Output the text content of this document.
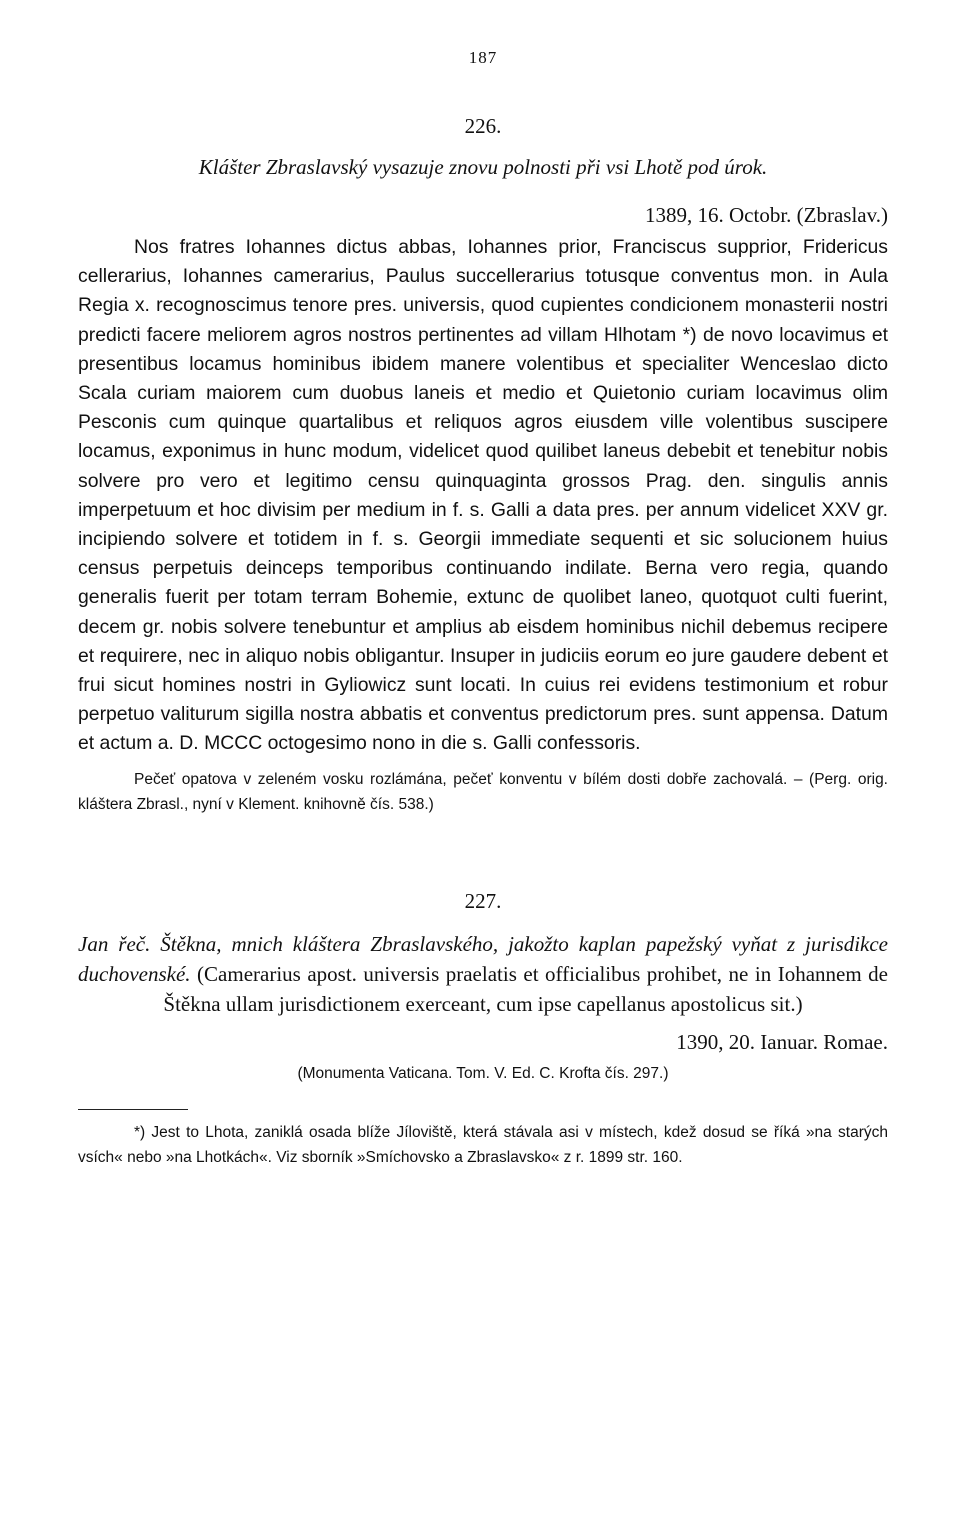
187
226.
Klášter Zbraslavský vysazuje znovu polnosti při vsi Lhotě pod úrok.
1389, 16. Octobr. (Zbraslav.)

Nos fratres Iohannes dictus abbas, Iohannes prior, Franciscus supprior, Fridericus cellerarius, Iohannes camerarius, Paulus succellerarius totusque conventus mon. in Aula Regia x. recognoscimus tenore pres. universis, quod cupientes condicionem monasterii nostri predicti facere meliorem agros nostros pertinentes ad villam Hlhotam *) de novo locavimus et presentibus locamus hominibus ibidem manere volentibus et specialiter Wenceslao dicto Scala curiam maiorem cum duobus laneis et medio et Quietonio curiam locavimus olim Pesconis cum quinque quartalibus et reliquos agros eiusdem ville volentibus suscipere locamus, exponimus in hunc modum, videlicet quod quilibet laneus debebit et tenebitur nobis solvere pro vero et legitimo censu quinquaginta grossos Prag. den. singulis annis imperpetuum et hoc divisim per medium in f. s. Galli a data pres. per annum videlicet XXV gr. incipiendo solvere et totidem in f. s. Georgii immediate sequenti et sic solucionem huius census perpetuis deinceps temporibus continuando indilate. Berna vero regia, quando generalis fuerit per totam terram Bohemie, extunc de quolibet laneo, quotquot culti fuerint, decem gr. nobis solvere tenebuntur et amplius ab eisdem hominibus nichil debemus recipere et requirere, nec in aliquo nobis obligantur. Insuper in judiciis eorum eo jure gaudere debent et frui sicut homines nostri in Gyliowicz sunt locati. In cuius rei evidens testimonium et robur perpetuo valiturum sigilla nostra abbatis et conventus predictorum pres. sunt appensa. Datum et actum a. D. MCCC octogesimo nono in die s. Galli confessoris.

Pečeť opatova v zeleném vosku rozlámána, pečeť konventu v bílém dosti dobře zachovalá. – (Perg. orig. kláštera Zbrasl., nyní v Klement. knihovně čís. 538.)

227.

Jan řeč. Štěkna, mnich kláštera Zbraslavského, jakožto kaplan papežský vyňat z jurisdikce duchovenské. (Camerarius apost. universis praelatis et officialibus prohibet, ne in Iohannem de Štěkna ullam jurisdictionem exerceant, cum ipse capellanus apostolicus sit.)

1390, 20. Ianuar. Romae.
(Monumenta Vaticana. Tom. V. Ed. C. Krofta čís. 297.)

*) Jest to Lhota, zaniklá osada blíže Jíloviště, která stávala asi v místech, kdež dosud se říká »na starých vsích« nebo »na Lhotkách«. Viz sborník »Smíchovsko a Zbraslavsko« z r. 1899 str. 160.
